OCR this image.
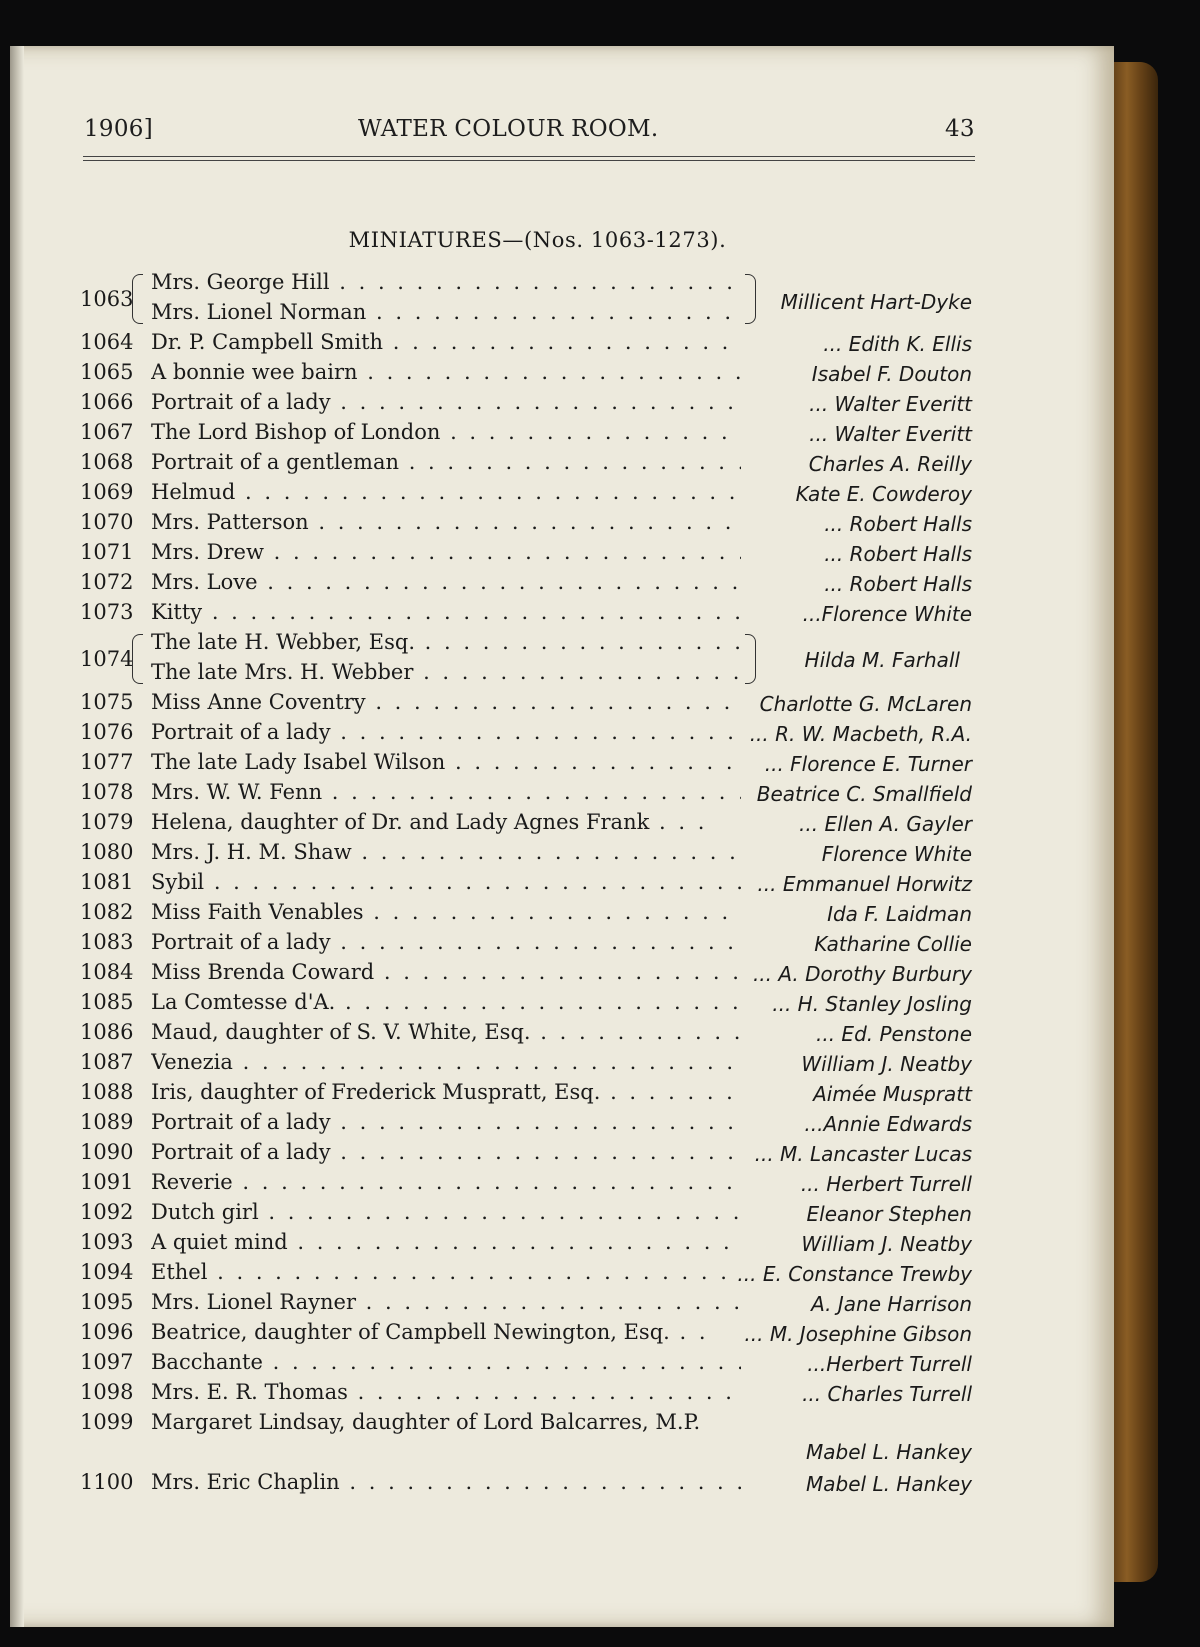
1906]	WATER COLOUR ROOM.	43
MINIATURES—(Nos. 1063-1273).
1063
Mrs. George Hill . . .
Mrs. Lionel Norman . . .	Millicent Hart-Dyke
1064 Dr. P. Campbell Smith . . .	... Edith K. Ellis
1065 A bonnie wee bairn . . .	Isabel F. Douton
1066 Portrait of a lady . . .	... Walter Everitt
1067 The Lord Bishop of London . . .	... Walter Everitt
1068 Portrait of a gentleman . . .	Charles A. Reilly
1069 Helmud . . .	Kate E. Cowderoy
1070 Mrs. Patterson . . .	... Robert Halls
1071 Mrs. Drew . . .	... Robert Halls
1072 Mrs. Love . . .	... Robert Halls
1073 Kitty . . .	...Florence White
1074
The late H. Webber, Esq. . . .
The late Mrs. H. Webber . . .	Hilda M. Farhall
1075 Miss Anne Coventry . . .	Charlotte G. McLaren
1076 Portrait of a lady . . .	... R. W. Macbeth, R.A.
1077 The late Lady Isabel Wilson . . .	... Florence E. Turner
1078 Mrs. W. W. Fenn . . .	Beatrice C. Smallfield
1079 Helena, daughter of Dr. and Lady Agnes Frank . . .	... Ellen A. Gayler
1080 Mrs. J. H. M. Shaw . . .	Florence White
1081 Sybil . . .	... Emmanuel Horwitz
1082 Miss Faith Venables . . .	Ida F. Laidman
1083 Portrait of a lady . . .	Katharine Collie
1084 Miss Brenda Coward . . .	... A. Dorothy Burbury
1085 La Comtesse d'A. . . .	... H. Stanley Josling
1086 Maud, daughter of S. V. White, Esq. . . .	... Ed. Penstone
1087 Venezia . . .	William J. Neatby
1088 Iris, daughter of Frederick Muspratt, Esq. . . .	Aimée Muspratt
1089 Portrait of a lady . . .	...Annie Edwards
1090 Portrait of a lady . . .	... M. Lancaster Lucas
1091 Reverie . . .	... Herbert Turrell
1092 Dutch girl . . .	Eleanor Stephen
1093 A quiet mind . . .	William J. Neatby
1094 Ethel . . .	... E. Constance Trewby
1095 Mrs. Lionel Rayner . . .	A. Jane Harrison
1096 Beatrice, daughter of Campbell Newington, Esq. . . .	... M. Josephine Gibson
1097 Bacchante . . .	...Herbert Turrell
1098 Mrs. E. R. Thomas . . .	... Charles Turrell
1099 Margaret Lindsay, daughter of Lord Balcarres, M.P.
Mabel L. Hankey
1100 Mrs. Eric Chaplin . . .	Mabel L. Hankey
